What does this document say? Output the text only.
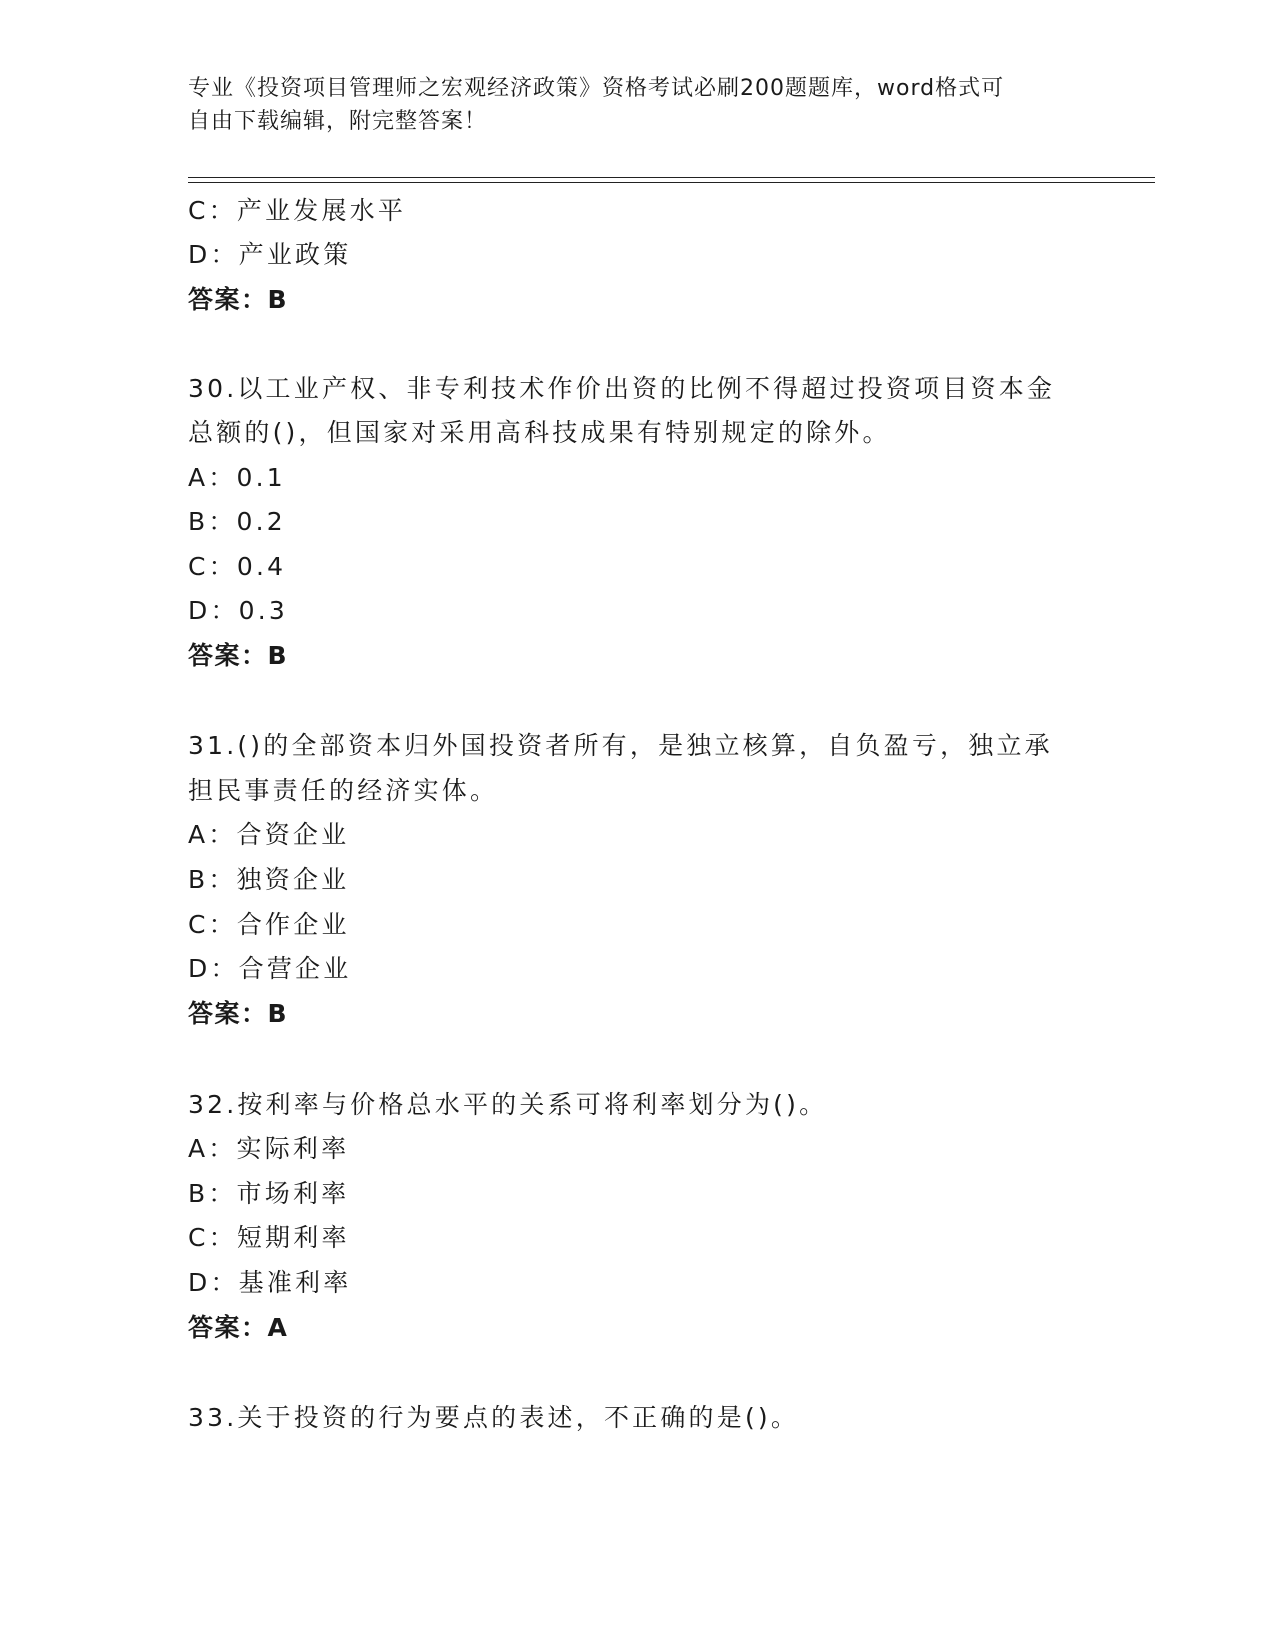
专业《投资项目管理师之宏观经济政策》资格考试必刷200题题库，word格式可
自由下载编辑，附完整答案！
C：产业发展水平
D：产业政策
答案：B
30.以工业产权、非专利技术作价出资的比例不得超过投资项目资本金
总额的()，但国家对采用高科技成果有特别规定的除外。
A：0.1
B：0.2
C：0.4
D：0.3
答案：B
31.()的全部资本归外国投资者所有，是独立核算，自负盈亏，独立承
担民事责任的经济实体。
A：合资企业
B：独资企业
C：合作企业
D：合营企业
答案：B
32.按利率与价格总水平的关系可将利率划分为()。
A：实际利率
B：市场利率
C：短期利率
D：基准利率
答案：A
33.关于投资的行为要点的表述，不正确的是()。
